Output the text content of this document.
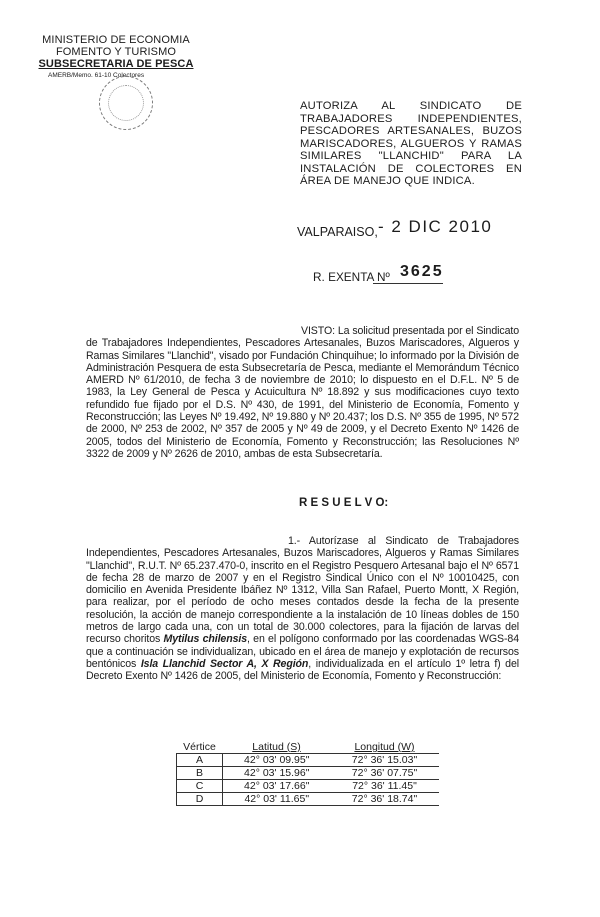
MINISTERIO DE ECONOMIA
FOMENTO Y TURISMO
SUBSECRETARIA DE PESCA
AMERB/Memo. 61-10 Colectores
AUTORIZA AL SINDICATO DE TRABAJADORES INDEPENDIENTES, PESCADORES ARTESANALES, BUZOS MARISCADORES, ALGUEROS Y RAMAS SIMILARES "LLANCHID" PARA LA INSTALACIÓN DE COLECTORES EN ÁREA DE MANEJO QUE INDICA.
VALPARAISO, - 2 DIC 2010
R. EXENTA Nº 3625

VISTO: La solicitud presentada por el Sindicato de Trabajadores Independientes, Pescadores Artesanales, Buzos Mariscadores, Algueros y Ramas Similares "Llanchid", visado por Fundación Chinquihue; lo informado por la División de Administración Pesquera de esta Subsecretaría de Pesca, mediante el Memorándum Técnico AMERD Nº 61/2010, de fecha 3 de noviembre de 2010; lo dispuesto en el D.F.L. Nº 5 de 1983, la Ley General de Pesca y Acuicultura Nº 18.892 y sus modificaciones cuyo texto refundido fue fijado por el D.S. Nº 430, de 1991, del Ministerio de Economía, Fomento y Reconstrucción; las Leyes Nº 19.492, Nº 19.880 y Nº 20.437; los D.S. Nº 355 de 1995, Nº 572 de 2000, Nº 253 de 2002, Nº 357 de 2005 y Nº 49 de 2009, y el Decreto Exento Nº 1426 de 2005, todos del Ministerio de Economía, Fomento y Reconstrucción; las Resoluciones Nº 3322 de 2009 y Nº 2626 de 2010, ambas de esta Subsecretaría.

R E S U E L V O:

1.- Autorízase al Sindicato de Trabajadores Independientes, Pescadores Artesanales, Buzos Mariscadores, Algueros y Ramas Similares "Llanchid", R.U.T. Nº 65.237.470-0, inscrito en el Registro Pesquero Artesanal bajo el Nº 6571 de fecha 28 de marzo de 2007 y en el Registro Sindical Único con el Nº 10010425, con domicilio en Avenida Presidente Ibáñez Nº 1312, Villa San Rafael, Puerto Montt, X Región, para realizar, por el período de ocho meses contados desde la fecha de la presente resolución, la acción de manejo correspondiente a la instalación de 10 líneas dobles de 150 metros de largo cada una, con un total de 30.000 colectores, para la fijación de larvas del recurso choritos Mytilus chilensis, en el polígono conformado por las coordenadas WGS-84 que a continuación se individualizan, ubicado en el área de manejo y explotación de recursos bentónicos Isla Llanchid Sector A, X Región, individualizada en el artículo 1º letra f) del Decreto Exento Nº 1426 de 2005, del Ministerio de Economía, Fomento y Reconstrucción:

Vértice	Latitud (S)	Longitud (W)
A	42° 03' 09.95"	72° 36' 15.03"
B	42° 03' 15.96"	72° 36' 07.75"
C	42° 03' 17.66"	72° 36' 11.45"
D	42° 03' 11.65"	72° 36' 18.74"
